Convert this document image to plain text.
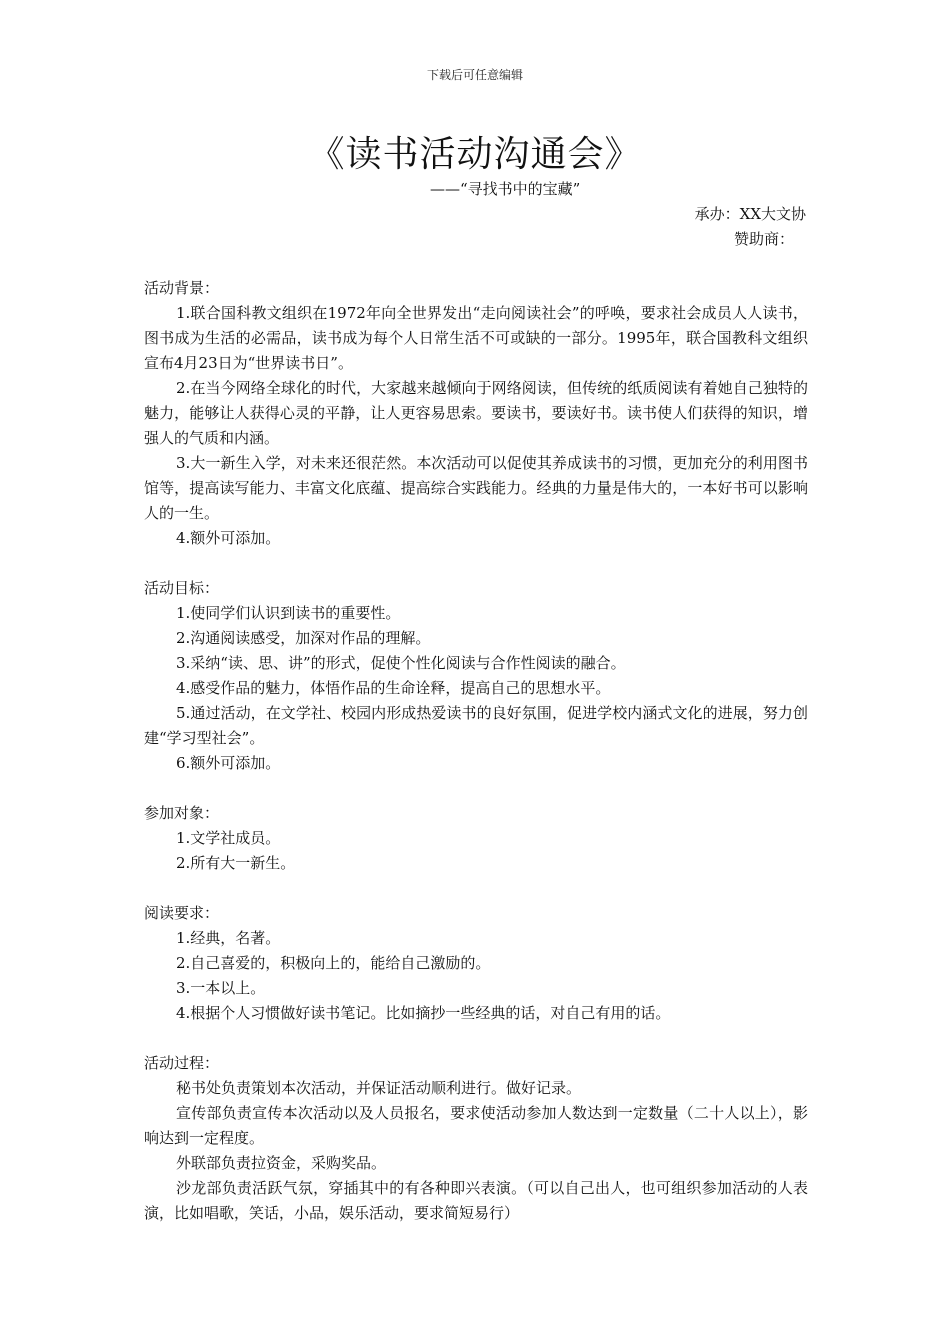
下载后可任意编辑
《读书活动沟通会》
——“寻找书中的宝藏”
承办：XX大文协
赞助商：

活动背景：

1.联合国科教文组织在1972年向全世界发出“走向阅读社会”的呼唤，要求社会成员人人读书，图书成为生活的必需品，读书成为每个人日常生活不可或缺的一部分。1995年，联合国教科文组织宣布4月23日为“世界读书日”。

2.在当今网络全球化的时代，大家越来越倾向于网络阅读，但传统的纸质阅读有着她自己独特的魅力，能够让人获得心灵的平静，让人更容易思索。要读书，要读好书。读书使人们获得的知识，增强人的气质和内涵。

3.大一新生入学，对未来还很茫然。本次活动可以促使其养成读书的习惯，更加充分的利用图书馆等，提高读写能力、丰富文化底蕴、提高综合实践能力。经典的力量是伟大的，一本好书可以影响人的一生。

4.额外可添加。

活动目标：

1.使同学们认识到读书的重要性。

2.沟通阅读感受，加深对作品的理解。

3.采纳“读、思、讲”的形式，促使个性化阅读与合作性阅读的融合。

4.感受作品的魅力，体悟作品的生命诠释，提高自己的思想水平。

5.通过活动，在文学社、校园内形成热爱读书的良好氛围，促进学校内涵式文化的进展，努力创建“学习型社会”。

6.额外可添加。

参加对象：

1.文学社成员。

2.所有大一新生。

阅读要求：

1.经典，名著。

2.自己喜爱的，积极向上的，能给自己激励的。

3.一本以上。

4.根据个人习惯做好读书笔记。比如摘抄一些经典的话，对自己有用的话。

活动过程：

秘书处负责策划本次活动，并保证活动顺利进行。做好记录。

宣传部负责宣传本次活动以及人员报名，要求使活动参加人数达到一定数量（二十人以上），影响达到一定程度。

外联部负责拉资金，采购奖品。

沙龙部负责活跃气氛，穿插其中的有各种即兴表演。（可以自己出人，也可组织参加活动的人表演，比如唱歌，笑话，小品，娱乐活动，要求简短易行）
